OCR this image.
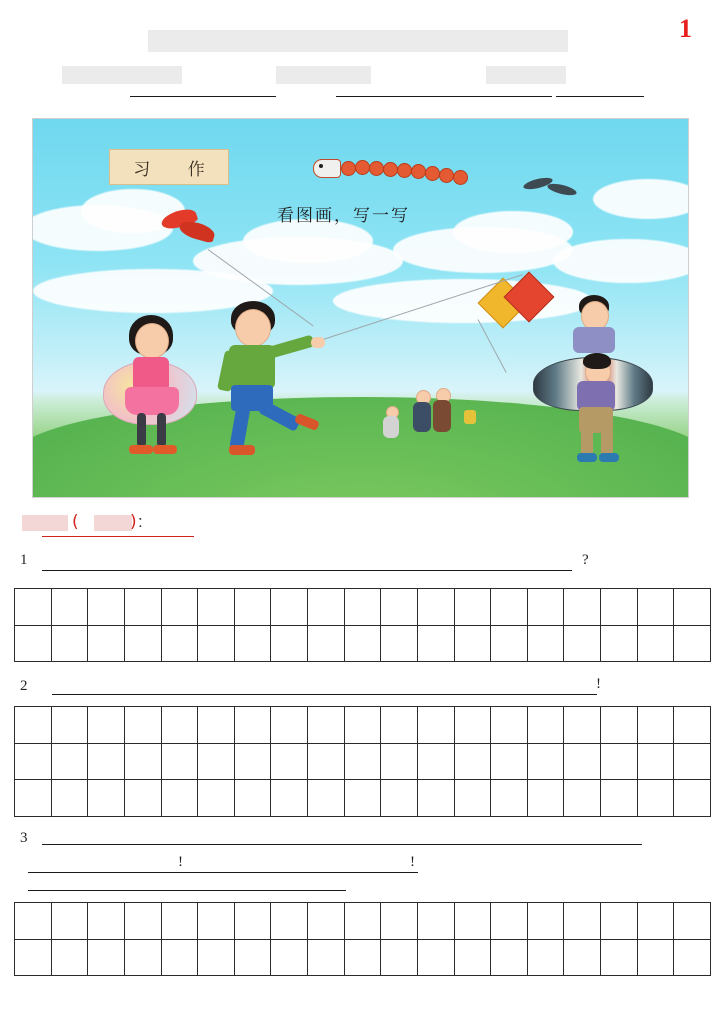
1
习 作
看图画，写一写
(	) :
1	?
2	!
3
!	!
